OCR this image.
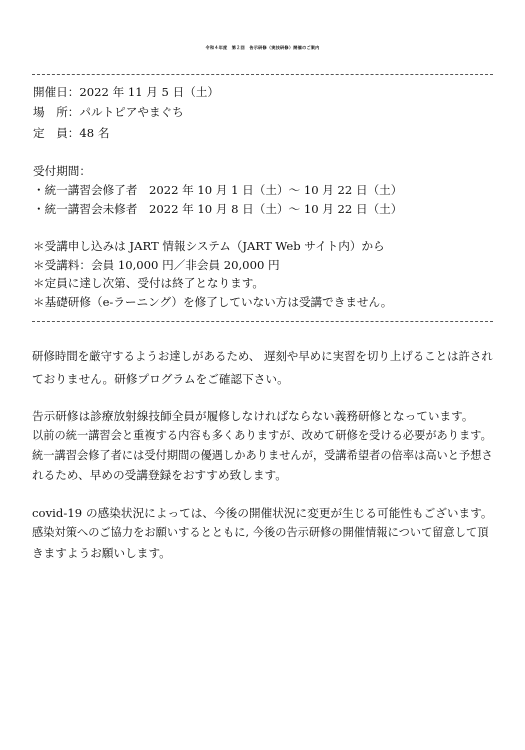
令和４年度　第２回　告示研修（実技研修）開催のご案内
開催日：2022 年 11 月 5 日（土）
場　所：パルトピアやまぐち
定　員：48 名
受付期間：
・統一講習会修了者　2022 年 10 月 1 日（土）～ 10 月 22 日（土）
・統一講習会未修者　2022 年 10 月 8 日（土）～ 10 月 22 日（土）
＊受講申し込みは JART 情報システム（JART Web サイト内）から
＊受講料：会員 10,000 円／非会員 20,000 円
＊定員に達し次第、受付は終了となります。
＊基礎研修（e-ラーニング）を修了していない方は受講できません。
研修時間を厳守するようお達しがあるため、 遅刻や早めに実習を切り上げることは許され
ておりません。研修プログラムをご確認下さい。
告示研修は診療放射線技師全員が履修しなければならない義務研修となっています。
以前の統一講習会と重複する内容も多くありますが、改めて研修を受ける必要があります。
統一講習会修了者には受付期間の優遇しかありませんが，受講希望者の倍率は高いと予想さ
れるため、早めの受講登録をおすすめ致します。
covid-19 の感染状況によっては、今後の開催状況に変更が生じる可能性もございます。
感染対策へのご協力をお願いするとともに, 今後の告示研修の開催情報について留意して頂
きますようお願いします。
